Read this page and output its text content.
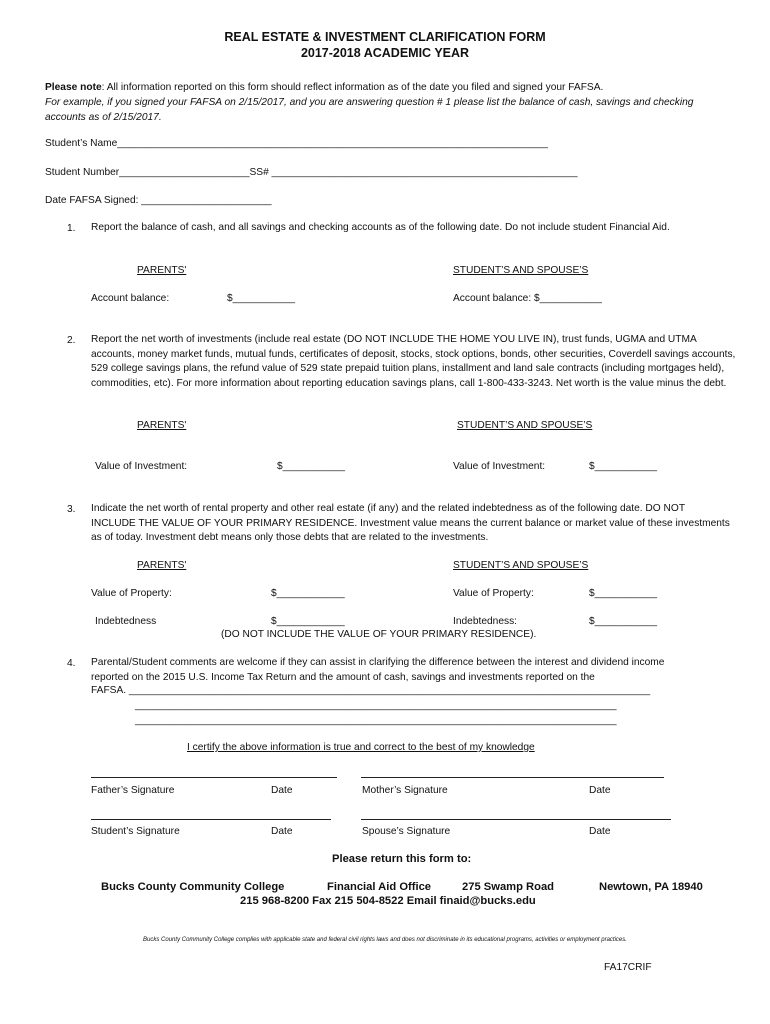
REAL ESTATE & INVESTMENT CLARIFICATION FORM
2017-2018 ACADEMIC YEAR
Please note: All information reported on this form should reflect information as of the date you filed and signed your FAFSA.
For example, if you signed your FAFSA on 2/15/2017, and you are answering question # 1 please list the balance of cash, savings and checking accounts as of 2/15/2017.
Student’s Name____________________________________________________________________________
Student Number_______________________SS# ______________________________________________________
Date FAFSA Signed: _______________________
1. Report the balance of cash, and all savings and checking accounts as of the following date. Do not include student Financial Aid.
PARENTS'	STUDENT’S AND SPOUSE’S
Account balance:	$___________	Account balance: $___________
2. Report the net worth of investments (include real estate (DO NOT INCLUDE THE HOME YOU LIVE IN), trust funds, UGMA and UTMA accounts, money market funds, mutual funds, certificates of deposit, stocks, stock options, bonds, other securities, Coverdell savings accounts, 529 college savings plans, the refund value of 529 state prepaid tuition plans, installment and land sale contracts (including mortgages held), commodities, etc). For more information about reporting education savings plans, call 1-800-433-3243. Net worth is the value minus the debt.
PARENTS'	STUDENT’S AND SPOUSE’S
Value of Investment:	$___________	Value of Investment:	$___________
3. Indicate the net worth of rental property and other real estate (if any) and the related indebtedness as of the following date. DO NOT INCLUDE THE VALUE OF YOUR PRIMARY RESIDENCE. Investment value means the current balance or market value of these investments as of today. Investment debt means only those debts that are related to the investments.
PARENTS'	STUDENT’S AND SPOUSE’S
Value of Property:	$____________	Value of Property:	$___________
Indebtedness	$____________	Indebtedness:	$___________
(DO NOT INCLUDE THE VALUE OF YOUR PRIMARY RESIDENCE).
4. Parental/Student comments are welcome if they can assist in clarifying the difference between the interest and dividend income reported on the 2015 U.S. Income Tax Return and the amount of cash, savings and investments reported on the
FAFSA. ____________________________________________________________________________________________
_____________________________________________________________________________________
_____________________________________________________________________________________
I certify the above information is true and correct to the best of my knowledge
Father’s Signature	Date	Mother’s Signature	Date
Student’s Signature	Date	Spouse’s Signature	Date
Please return this form to:
Bucks County Community College	Financial Aid Office	275 Swamp Road	Newtown, PA 18940
215 968-8200 Fax 215 504-8522 Email finaid@bucks.edu
Bucks County Community College complies with applicable state and federal civil rights laws and does not discriminate in its educational programs, activities or employment practices.
FA17CRIF
